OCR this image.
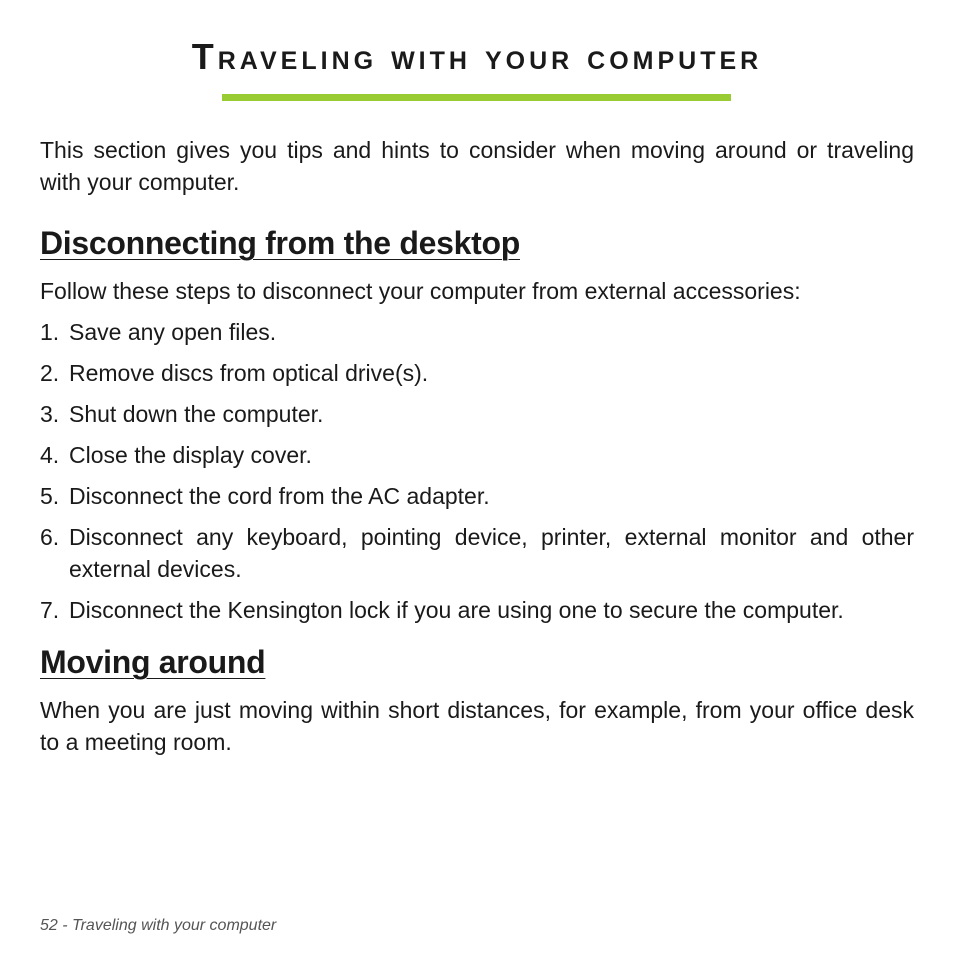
Traveling with your computer

This section gives you tips and hints to consider when moving around or traveling with your computer.

Disconnecting from the desktop

Follow these steps to disconnect your computer from external accessories:

1. Save any open files.
2. Remove discs from optical drive(s).
3. Shut down the computer.
4. Close the display cover.
5. Disconnect the cord from the AC adapter.
6. Disconnect any keyboard, pointing device, printer, external monitor and other external devices.
7. Disconnect the Kensington lock if you are using one to secure the computer.
Moving around

When you are just moving within short distances, for example, from your office desk to a meeting room.

52 - Traveling with your computer
